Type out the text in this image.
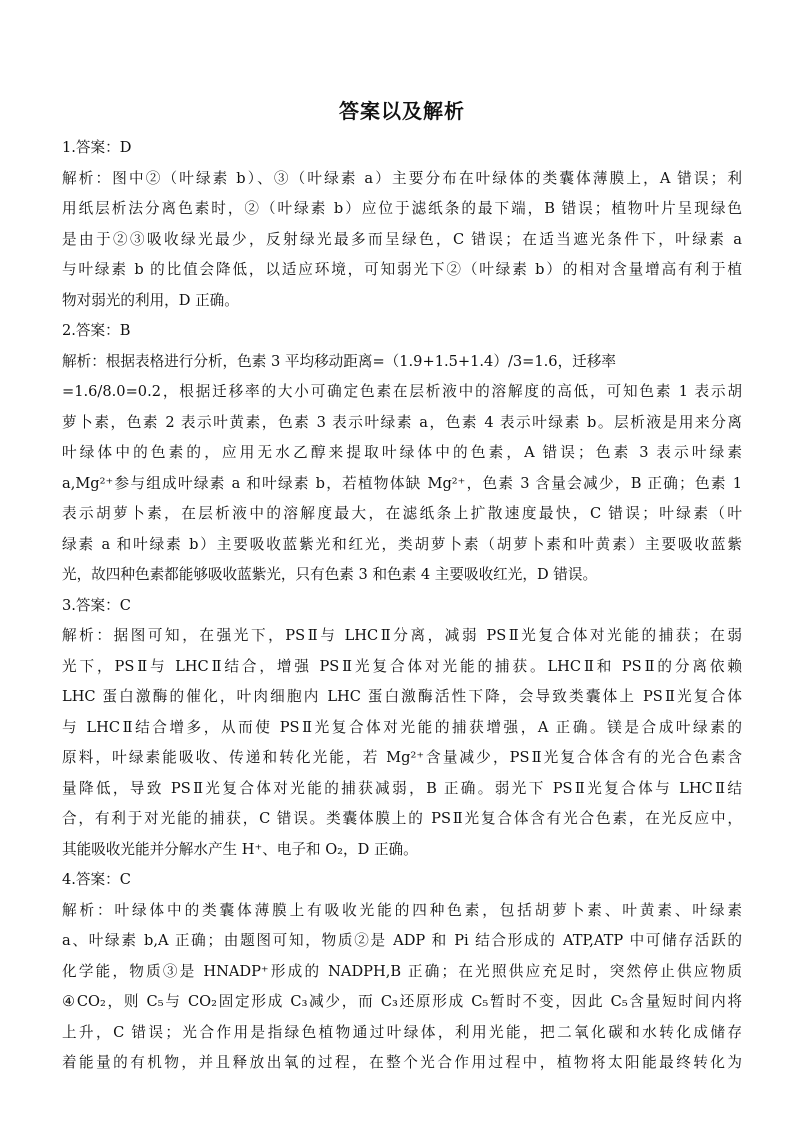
答案以及解析

1.答案：D

解析：图中②（叶绿素 b）、③（叶绿素 a）主要分布在叶绿体的类囊体薄膜上，A 错误；利

用纸层析法分离色素时，②（叶绿素 b）应位于滤纸条的最下端，B 错误；植物叶片呈现绿色

是由于②③吸收绿光最少，反射绿光最多而呈绿色，C 错误；在适当遮光条件下，叶绿素 a

与叶绿素 b 的比值会降低，以适应环境，可知弱光下②（叶绿素 b）的相对含量增高有利于植

物对弱光的利用，D 正确。

2.答案：B

解析：根据表格进行分析，色素 3 平均移动距离=（1.9+1.5+1.4）/3=1.6，迁移率

=1.6/8.0=0.2，根据迁移率的大小可确定色素在层析液中的溶解度的高低，可知色素 1 表示胡

萝卜素，色素 2 表示叶黄素，色素 3 表示叶绿素 a，色素 4 表示叶绿素 b。层析液是用来分离

叶绿体中的色素的，应用无水乙醇来提取叶绿体中的色素，A 错误；色素 3 表示叶绿素

a,Mg²⁺参与组成叶绿素 a 和叶绿素 b，若植物体缺 Mg²⁺，色素 3 含量会减少，B 正确；色素 1

表示胡萝卜素，在层析液中的溶解度最大，在滤纸条上扩散速度最快，C 错误；叶绿素（叶

绿素 a 和叶绿素 b）主要吸收蓝紫光和红光，类胡萝卜素（胡萝卜素和叶黄素）主要吸收蓝紫

光，故四种色素都能够吸收蓝紫光，只有色素 3 和色素 4 主要吸收红光，D 错误。

3.答案：C

解析：据图可知，在强光下，PSⅡ与 LHCⅡ分离，减弱 PSⅡ光复合体对光能的捕获；在弱

光下，PSⅡ与 LHCⅡ结合，增强 PSⅡ光复合体对光能的捕获。LHCⅡ和 PSⅡ的分离依赖

LHC 蛋白激酶的催化，叶肉细胞内 LHC 蛋白激酶活性下降，会导致类囊体上 PSⅡ光复合体

与 LHCⅡ结合增多，从而使 PSⅡ光复合体对光能的捕获增强，A 正确。镁是合成叶绿素的

原料，叶绿素能吸收、传递和转化光能，若 Mg²⁺含量减少，PSⅡ光复合体含有的光合色素含

量降低，导致 PSⅡ光复合体对光能的捕获减弱，B 正确。弱光下 PSⅡ光复合体与 LHCⅡ结

合，有利于对光能的捕获，C 错误。类囊体膜上的 PSⅡ光复合体含有光合色素，在光反应中，

其能吸收光能并分解水产生 H⁺、电子和 O₂，D 正确。

4.答案：C

解析：叶绿体中的类囊体薄膜上有吸收光能的四种色素，包括胡萝卜素、叶黄素、叶绿素

a、叶绿素 b,A 正确；由题图可知，物质②是 ADP 和 Pi 结合形成的 ATP,ATP 中可储存活跃的

化学能，物质③是 HNADP⁺形成的 NADPH,B 正确；在光照供应充足时，突然停止供应物质

④CO₂，则 C₅与 CO₂固定形成 C₃减少，而 C₃还原形成 C₅暂时不变，因此 C₅含量短时间内将

上升，C 错误；光合作用是指绿色植物通过叶绿体，利用光能，把二氧化碳和水转化成储存

着能量的有机物，并且释放出氧的过程，在整个光合作用过程中，植物将太阳能最终转化为
